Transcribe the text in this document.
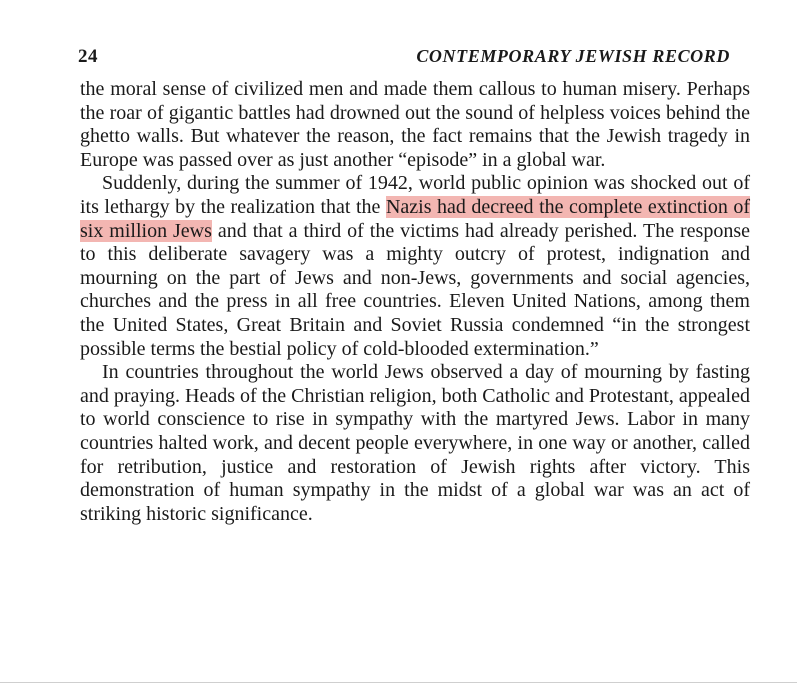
24	CONTEMPORARY JEWISH RECORD

the moral sense of civilized men and made them callous to human misery. Perhaps the roar of gigantic battles had drowned out the sound of helpless voices behind the ghetto walls. But whatever the reason, the fact remains that the Jewish tragedy in Europe was passed over as just another “episode” in a global war.

Suddenly, during the summer of 1942, world public opinion was shocked out of its lethargy by the realization that the Nazis had decreed the complete extinction of six million Jews and that a third of the victims had already perished. The response to this deliberate savagery was a mighty outcry of protest, indignation and mourning on the part of Jews and non-Jews, governments and social agencies, churches and the press in all free countries. Eleven United Nations, among them the United States, Great Britain and Soviet Russia condemned “in the strongest possible terms the bestial policy of cold-blooded extermination.”

In countries throughout the world Jews observed a day of mourning by fasting and praying. Heads of the Christian religion, both Catholic and Protestant, appealed to world conscience to rise in sympathy with the martyred Jews. Labor in many countries halted work, and decent people everywhere, in one way or another, called for retribution, justice and restoration of Jewish rights after victory. This demonstration of human sympathy in the midst of a global war was an act of striking historic significance.
